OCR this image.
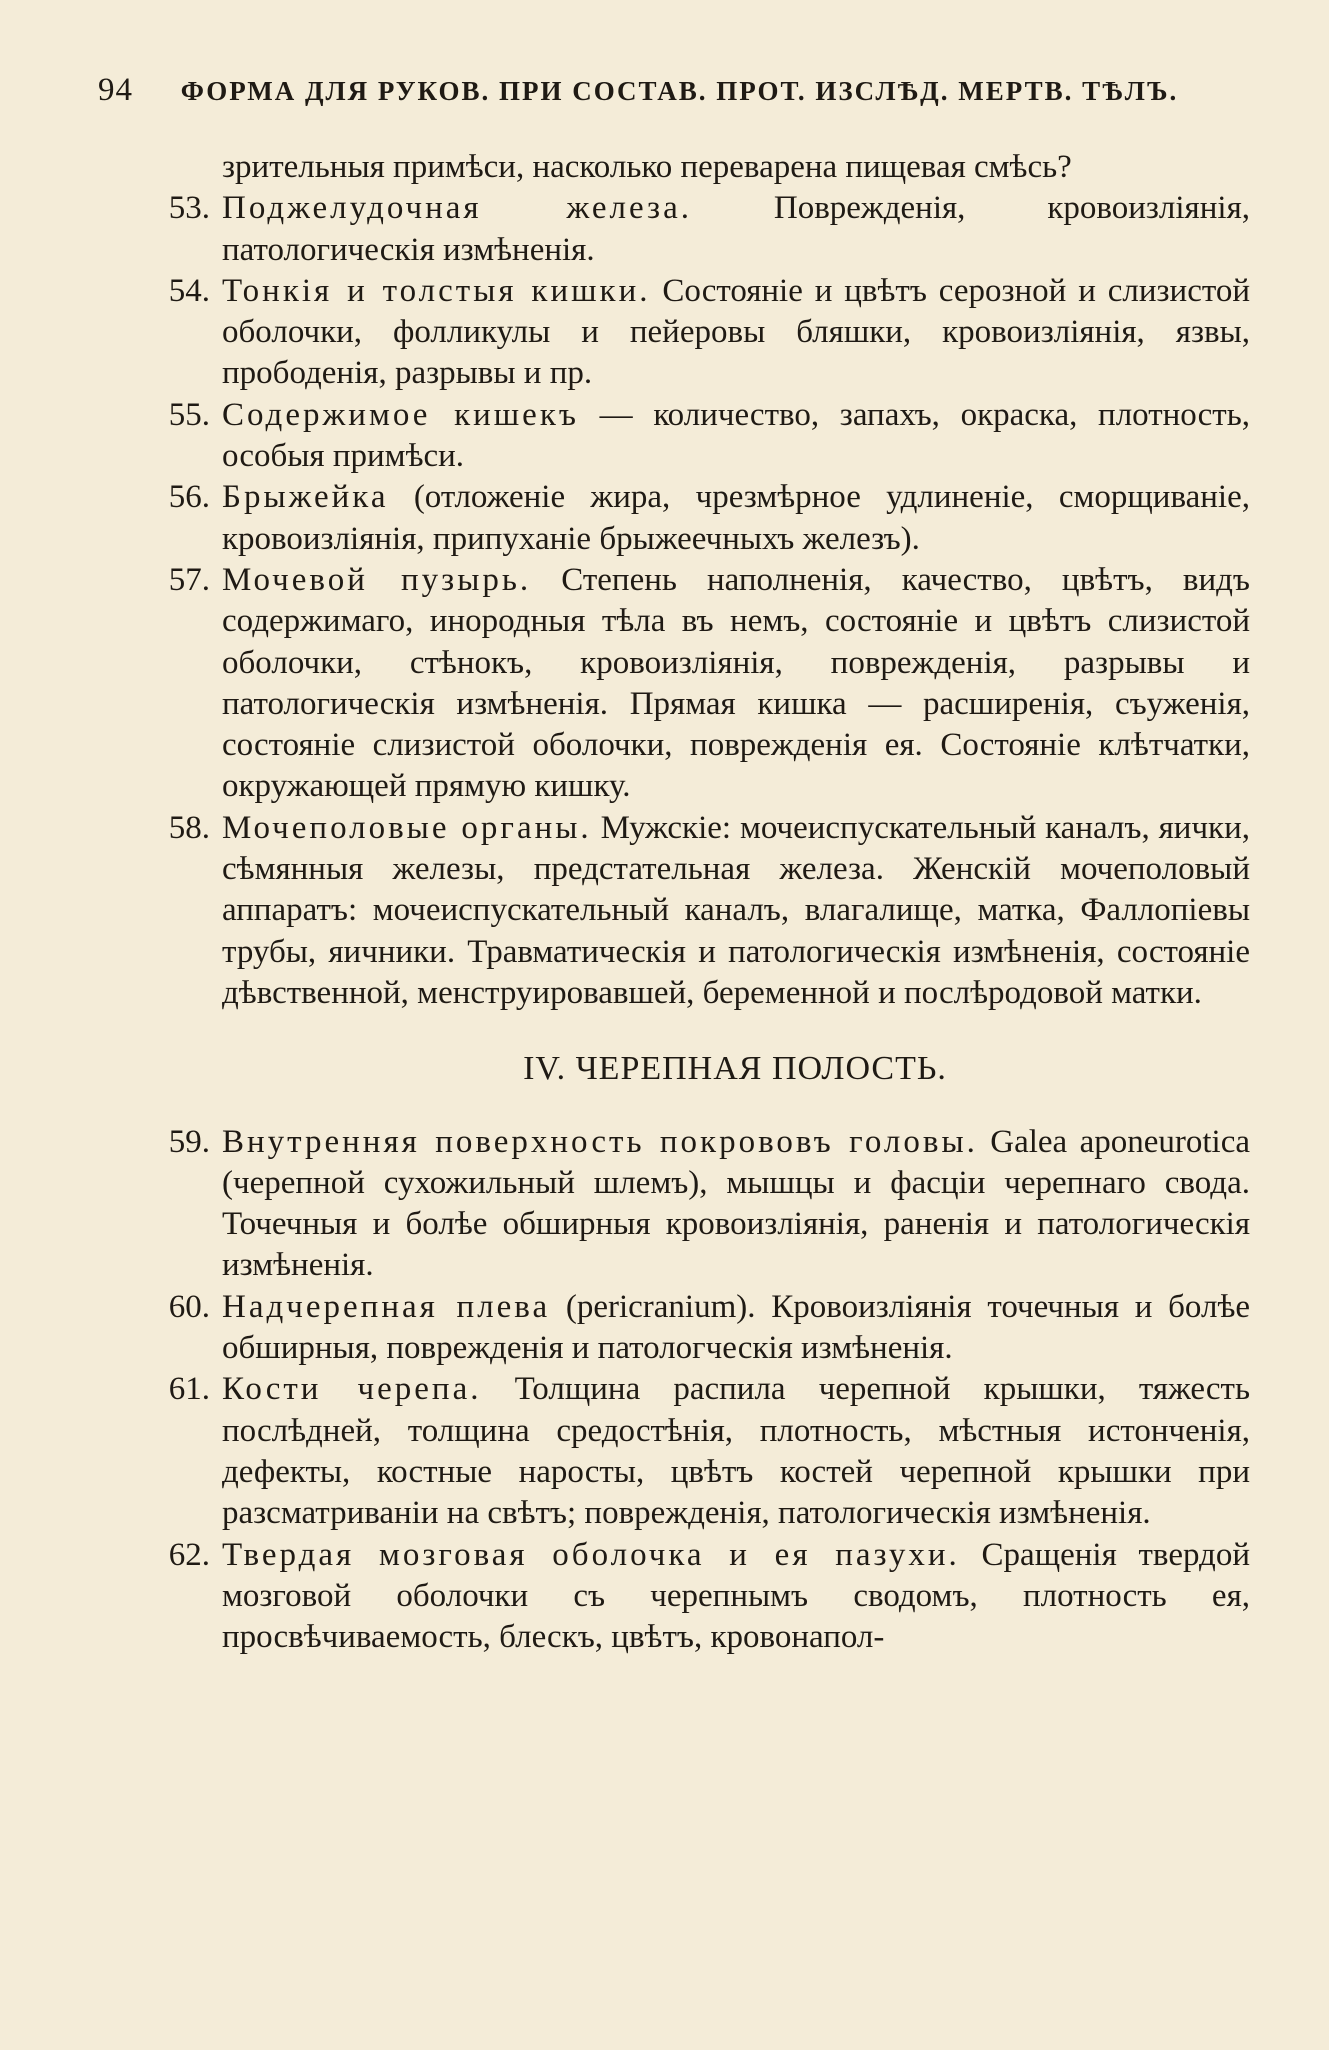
94 ФОРМА ДЛЯ РУКОВ. ПРИ СОСТАВ. ПРОТ. ИЗСЛѢД. МЕРТВ. ТѢЛЪ.
зрительныя примѣси, насколько переварена пищевая смѣсь?
53. Поджелудочная железа. Поврежденія, кровоизліянія, патологическія измѣненія.
54. Тонкія и толстыя кишки. Состояніе и цвѣтъ серозной и слизистой оболочки, фолликулы и пейеровы бляшки, кровоизліянія, язвы, прободенія, разрывы и пр.
55. Содержимое кишекъ — количество, запахъ, окраска, плотность, особыя примѣси.
56. Брыжейка (отложеніе жира, чрезмѣрное удлиненіе, сморщиваніе, кровоизліянія, припуханіе брыжеечныхъ железъ).
57. Мочевой пузырь. Степень наполненія, качество, цвѣтъ, видъ содержимаго, инородныя тѣла въ немъ, состояніе и цвѣтъ слизистой оболочки, стѣнокъ, кровоизліянія, поврежденія, разрывы и патологическія измѣненія. Прямая кишка — расширенія, съуженія, состояніе слизистой оболочки, поврежденія ея. Состояніе клѣтчатки, окружающей прямую кишку.
58. Мочеполовые органы. Мужскіе: мочеиспускательный каналъ, яички, сѣмянныя железы, предстательная железа. Женскій мочеполовый аппаратъ: мочеиспускательный каналъ, влагалище, матка, Фаллопіевы трубы, яичники. Травматическія и патологическія измѣненія, состояніе дѣвственной, менструировавшей, беременной и послѣродовой матки.
IV. ЧЕРЕПНАЯ ПОЛОСТЬ.
59. Внутренняя поверхность покрововъ головы. Galea aponeurotica (черепной сухожильный шлемъ), мышцы и фасціи черепнаго свода. Точечныя и болѣе обширныя кровоизліянія, раненія и патологическія измѣненія.
60. Надчерепная плева (pericranium). Кровоизліянія точечныя и болѣе обширныя, поврежденія и патологческія измѣненія.
61. Кости черепа. Толщина распила черепной крышки, тяжесть послѣдней, толщина средостѣнія, плотность, мѣстныя истонченія, дефекты, костные наросты, цвѣтъ костей черепной крышки при разсматриваніи на свѣтъ; поврежденія, патологическія измѣненія.
62. Твердая мозговая оболочка и ея пазухи. Сращенія твердой мозговой оболочки съ черепнымъ сводомъ, плотность ея, просвѣчиваемость, блескъ, цвѣтъ, кровонапол-
